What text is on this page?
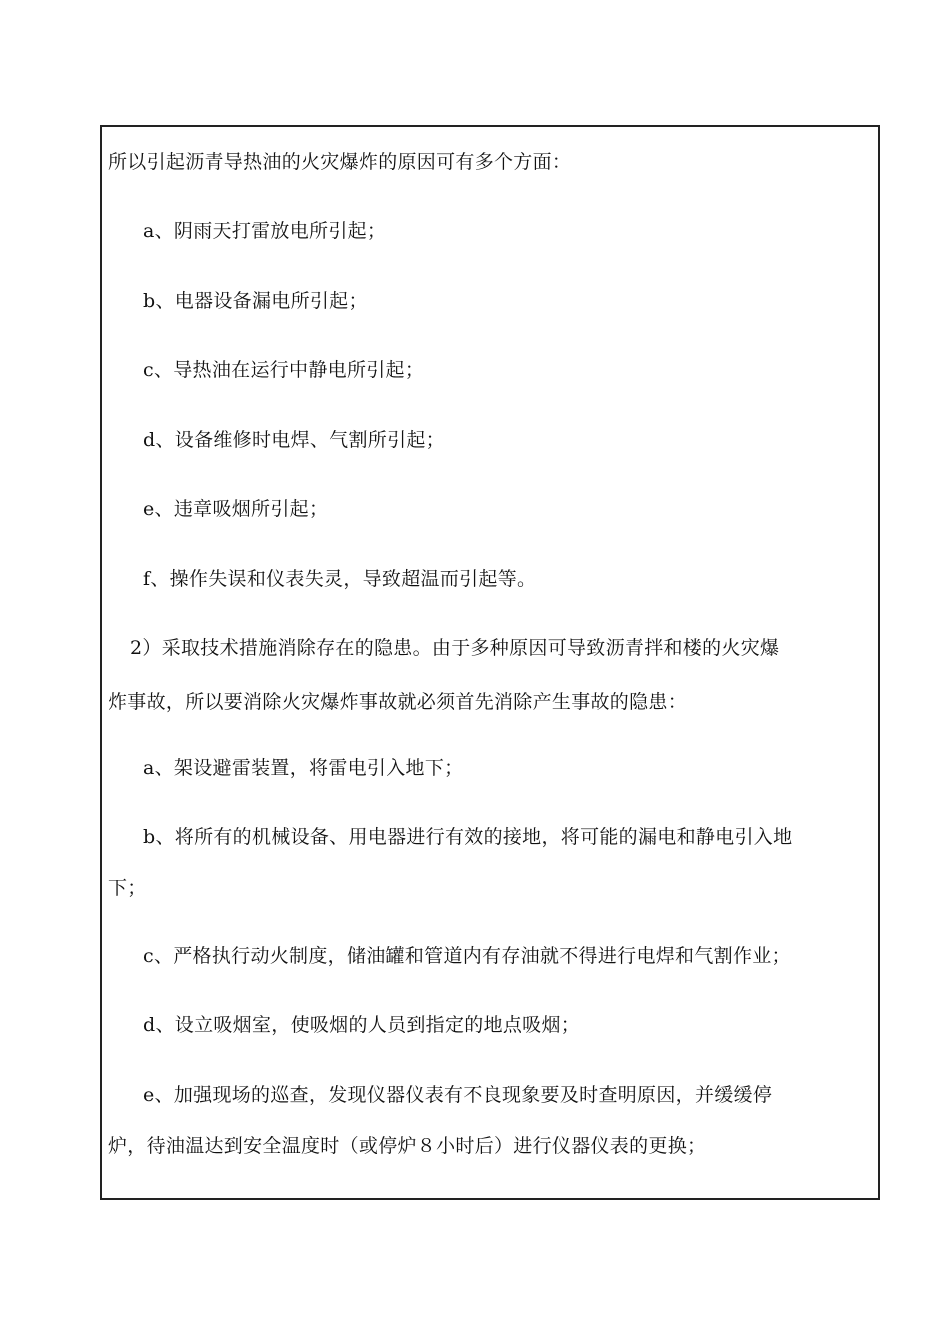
所以引起沥青导热油的火灾爆炸的原因可有多个方面：
a、阴雨天打雷放电所引起；
b、电器设备漏电所引起；
c、导热油在运行中静电所引起；
d、设备维修时电焊、气割所引起；
e、违章吸烟所引起；
f、操作失误和仪表失灵，导致超温而引起等。
2）采取技术措施消除存在的隐患。由于多种原因可导致沥青拌和楼的火灾爆
炸事故，所以要消除火灾爆炸事故就必须首先消除产生事故的隐患：
a、架设避雷装置，将雷电引入地下；
b、将所有的机械设备、用电器进行有效的接地，将可能的漏电和静电引入地
下；
c、严格执行动火制度，储油罐和管道内有存油就不得进行电焊和气割作业；
d、设立吸烟室，使吸烟的人员到指定的地点吸烟；
e、加强现场的巡查，发现仪器仪表有不良现象要及时查明原因，并缓缓停
炉，待油温达到安全温度时（或停炉８小时后）进行仪器仪表的更换；
